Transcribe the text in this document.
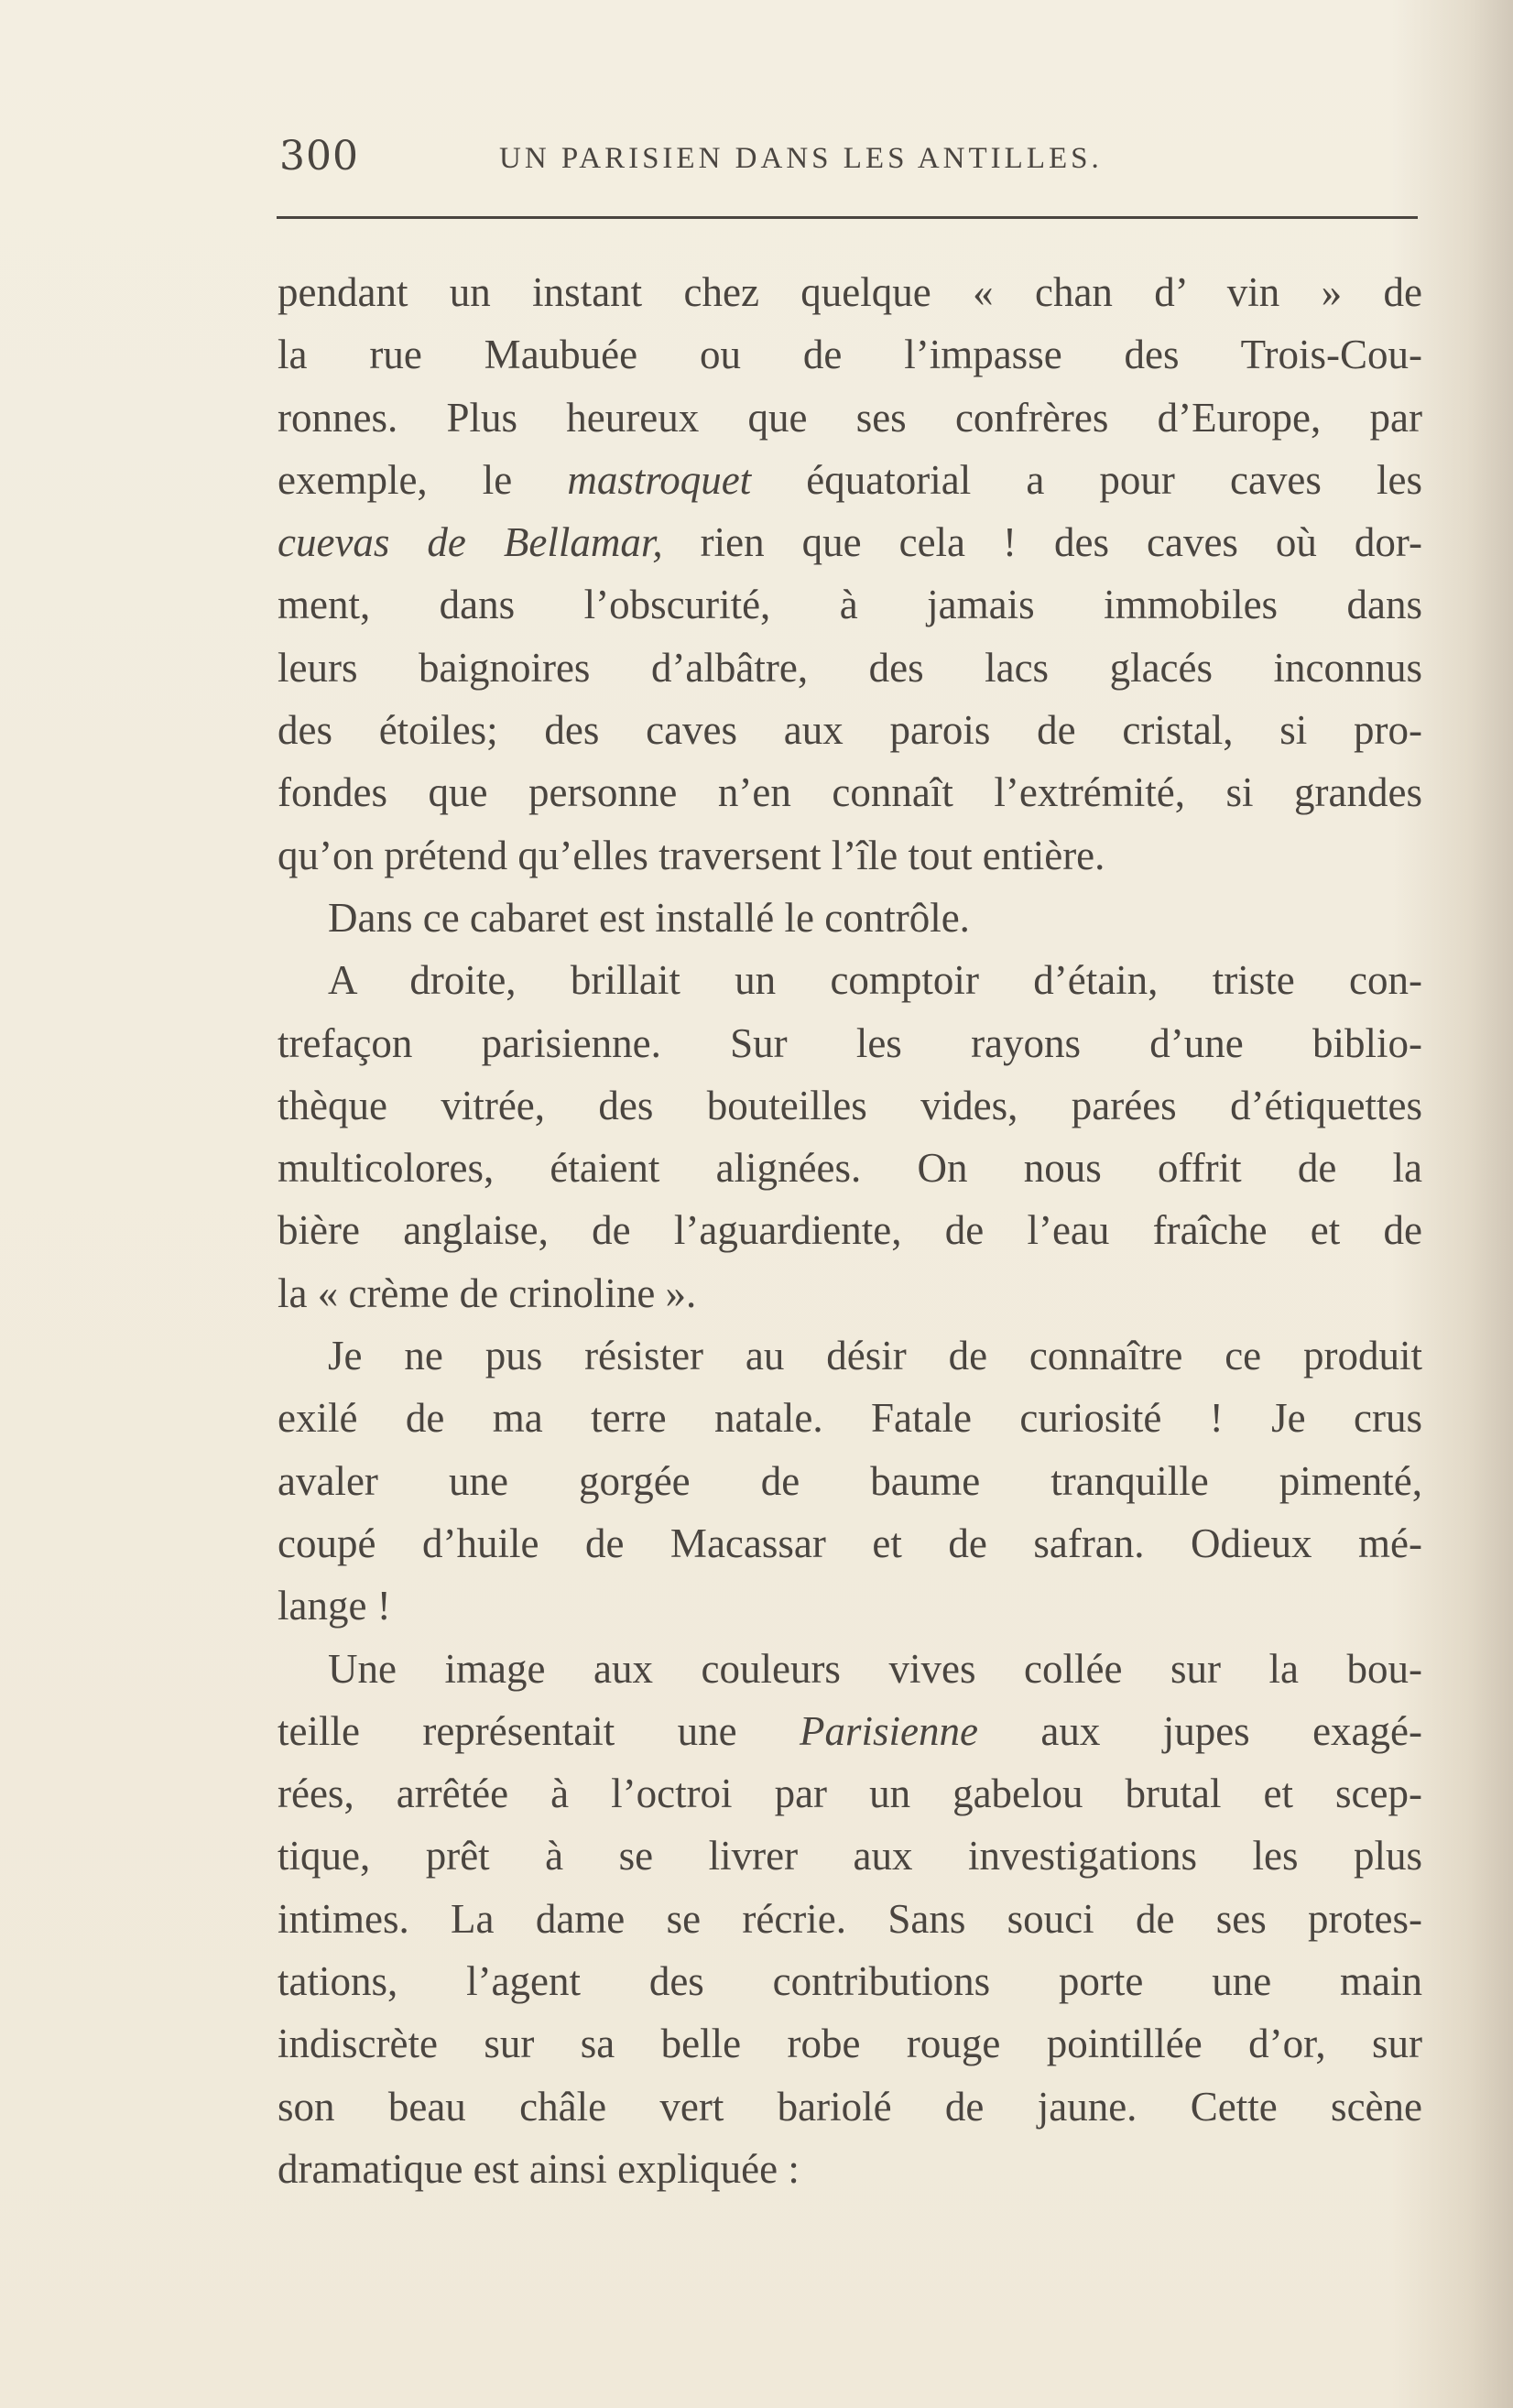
300	UN PARISIEN DANS LES ANTILLES.
pendant un instant chez quelque « chan d’ vin » de
la rue Maubuée ou de l’impasse des Trois-Cou-
ronnes. Plus heureux que ses confrères d’Europe, par
exemple, le mastroquet équatorial a pour caves les
cuevas de Bellamar, rien que cela ! des caves où dor-
ment, dans l’obscurité, à jamais immobiles dans
leurs baignoires d’albâtre, des lacs glacés inconnus
des étoiles; des caves aux parois de cristal, si pro-
fondes que personne n’en connaît l’extrémité, si grandes
qu’on prétend qu’elles traversent l’île tout entière.
Dans ce cabaret est installé le contrôle.
A droite, brillait un comptoir d’étain, triste con-
trefaçon parisienne. Sur les rayons d’une biblio-
thèque vitrée, des bouteilles vides, parées d’étiquettes
multicolores, étaient alignées. On nous offrit de la
bière anglaise, de l’aguardiente, de l’eau fraîche et de
la « crème de crinoline ».
Je ne pus résister au désir de connaître ce produit
exilé de ma terre natale. Fatale curiosité ! Je crus
avaler une gorgée de baume tranquille pimenté,
coupé d’huile de Macassar et de safran. Odieux mé-
lange !
Une image aux couleurs vives collée sur la bou-
teille représentait une Parisienne aux jupes exagé-
rées, arrêtée à l’octroi par un gabelou brutal et scep-
tique, prêt à se livrer aux investigations les plus
intimes. La dame se récrie. Sans souci de ses protes-
tations, l’agent des contributions porte une main
indiscrète sur sa belle robe rouge pointillée d’or, sur
son beau châle vert bariolé de jaune. Cette scène
dramatique est ainsi expliquée :
